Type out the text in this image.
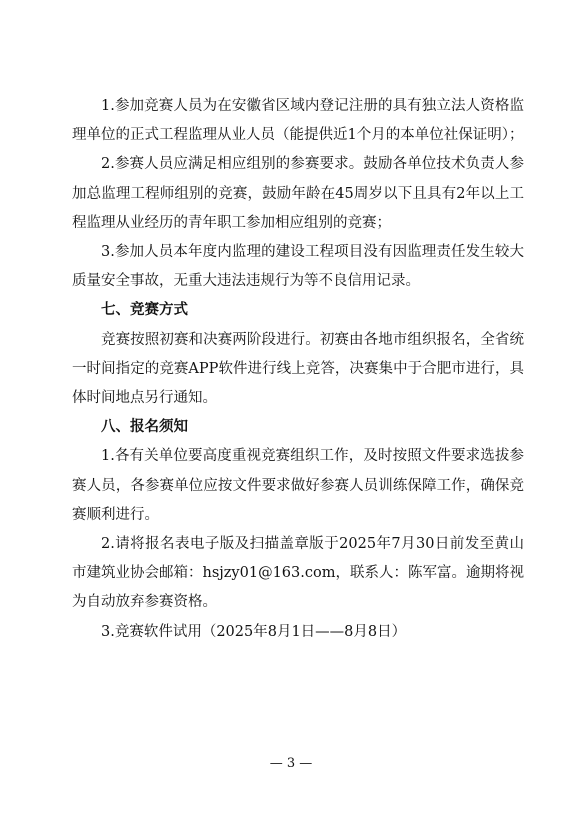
1.参加竞赛人员为在安徽省区域内登记注册的具有独立法人资格监理单位的正式工程监理从业人员（能提供近1个月的本单位社保证明）；

2.参赛人员应满足相应组别的参赛要求。鼓励各单位技术负责人参加总监理工程师组别的竞赛，鼓励年龄在45周岁以下且具有2年以上工程监理从业经历的青年职工参加相应组别的竞赛；

3.参加人员本年度内监理的建设工程项目没有因监理责任发生较大质量安全事故，无重大违法违规行为等不良信用记录。

七、竞赛方式

竞赛按照初赛和决赛两阶段进行。初赛由各地市组织报名，全省统一时间指定的竞赛APP软件进行线上竞答，决赛集中于合肥市进行，具体时间地点另行通知。

八、报名须知

1.各有关单位要高度重视竞赛组织工作，及时按照文件要求选拔参赛人员，各参赛单位应按文件要求做好参赛人员训练保障工作，确保竞赛顺利进行。

2.请将报名表电子版及扫描盖章版于2025年7月30日前发至黄山市建筑业协会邮箱：hsjzy01@163.com，联系人：陈军富。逾期将视为自动放弃参赛资格。

3.竞赛软件试用（2025年8月1日——8月8日）

— 3 —
